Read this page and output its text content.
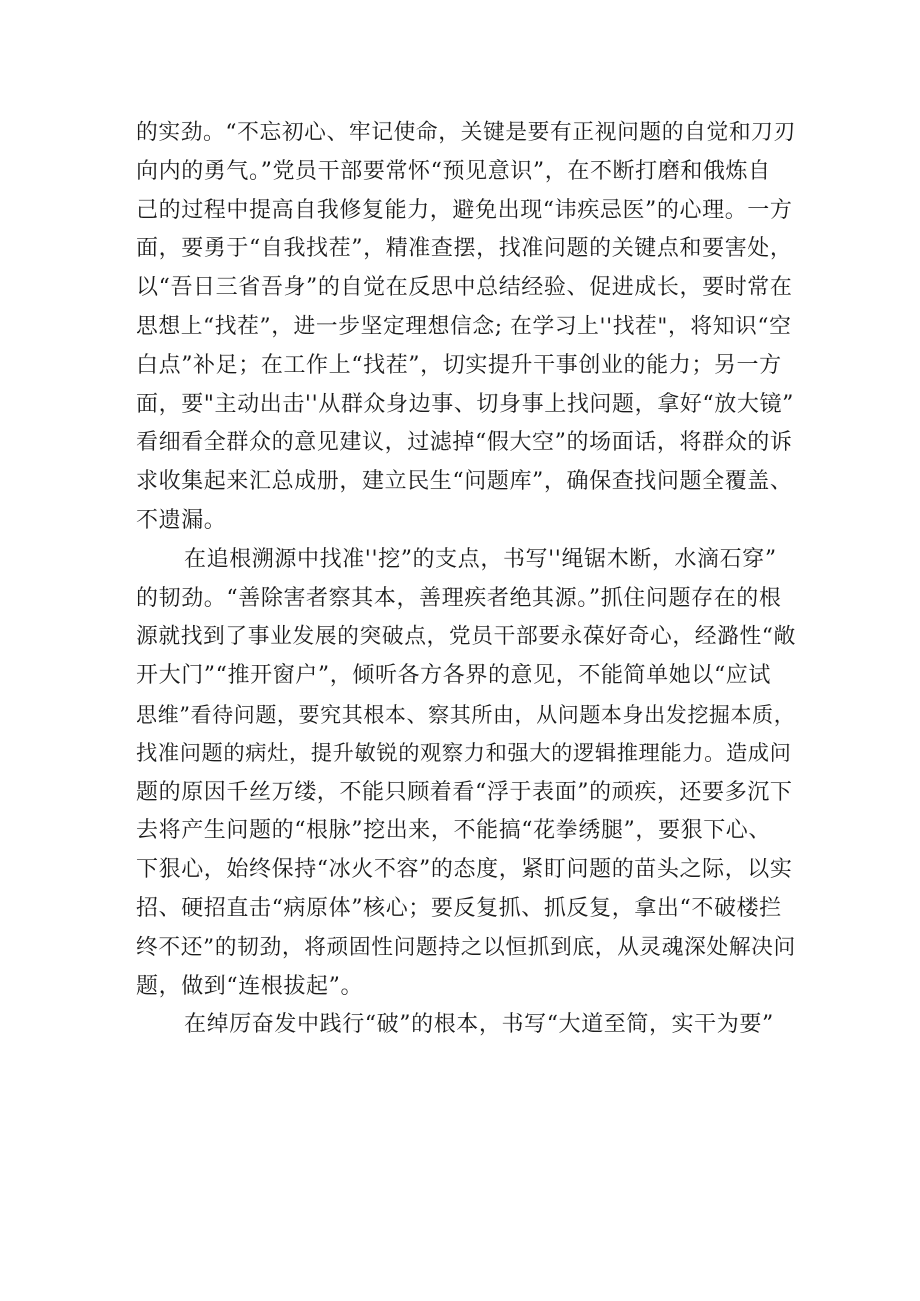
的实劲。“不忘初心、牢记使命，关键是要有正视问题的自觉和刀刃
向内的勇气。”党员干部要常怀“预见意识”，在不断打磨和俄炼自
己的过程中提高自我修复能力，避免出现“讳疾忌医”的心理。一方
面，要勇于“自我找茬”，精准查摆，找准问题的关键点和要害处，
以“吾日三省吾身”的自觉在反思中总结经验、促进成长，要时常在
思想上“找茬”，进一步坚定理想信念; 在学习上''找茬"，将知识“空
白点”补足；在工作上“找茬”，切实提升干事创业的能力；另一方
面，要"主动出击''从群众身边事、切身事上找问题，拿好“放大镜”
看细看全群众的意见建议，过滤掉“假大空”的场面话，将群众的诉
求收集起来汇总成册，建立民生“问题库”，确保查找问题全覆盖、
不遗漏。

在追根溯源中找准''挖”的支点，书写''绳锯木断，水滴石穿”
的韧劲。“善除害者察其本，善理疾者绝其源。”抓住问题存在的根
源就找到了事业发展的突破点，党员干部要永葆好奇心，经潞性“敞
开大门”“推开窗户”，倾听各方各界的意见，不能简单她以“应试
思维”看待问题，要究其根本、察其所由，从问题本身出发挖掘本质，
找准问题的病灶，提升敏锐的观察力和强大的逻辑推理能力。造成问
题的原因千丝万缕，不能只顾着看“浮于表面”的顽疾，还要多沉下
去将产生问题的“根脉”挖出来，不能搞“花拳绣腿”，要狠下心、
下狠心，始终保持“冰火不容”的态度，紧盯问题的苗头之际，以实
招、硬招直击“病原体”核心；要反复抓、抓反复，拿出“不破楼拦
终不还”的韧劲，将顽固性问题持之以恒抓到底，从灵魂深处解决问
题，做到“连根拔起”。

在绰厉奋发中践行“破”的根本，书写“大道至简，实干为要”
